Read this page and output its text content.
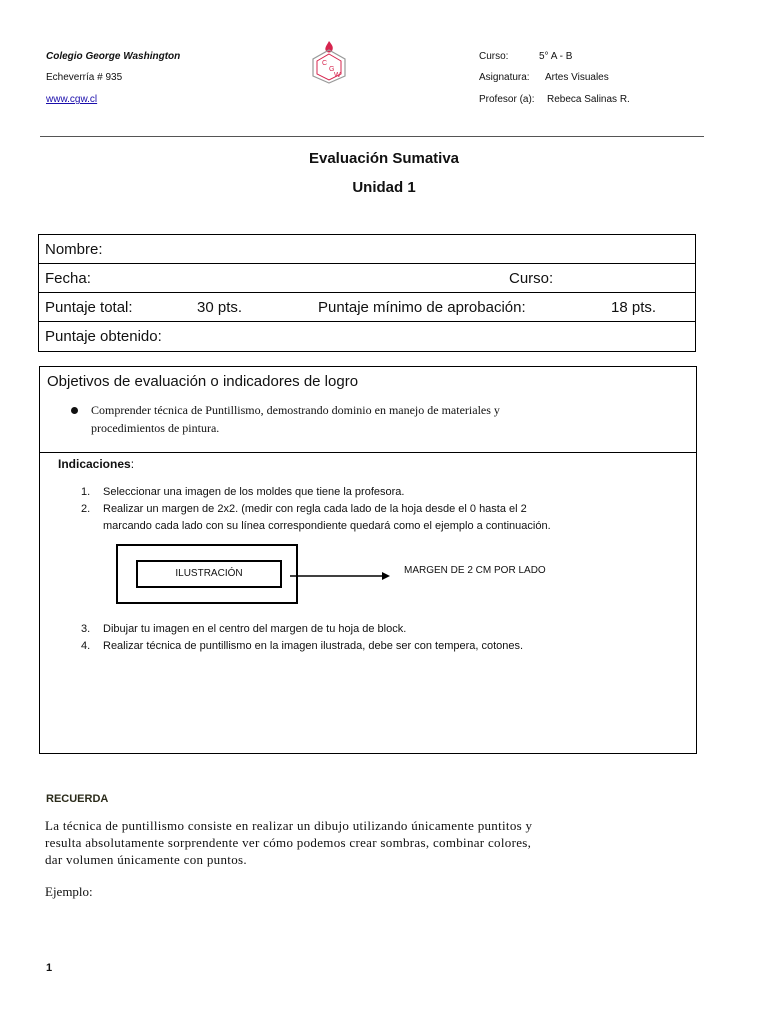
Colegio George Washington
Echeverría # 935
www.cgw.cl
C
G
W
Curso:	5° A - B
Asignatura: Artes Visuales
Profesor (a): Rebeca Salinas R.
Evaluación Sumativa
Unidad 1
Nombre:
Fecha:	Curso:
Puntaje total:	30 pts.	Puntaje mínimo de aprobación:	18 pts.
Puntaje obtenido:
Objetivos de evaluación o indicadores de logro
Comprender técnica de Puntillismo, demostrando dominio en manejo de materiales y
procedimientos de pintura.
Indicaciones:
1. Seleccionar una imagen de los moldes que tiene la profesora.
2. Realizar un margen de 2x2. (medir con regla cada lado de la hoja desde el 0 hasta el 2
marcando cada lado con su línea correspondiente quedará como el ejemplo a continuación.
ILUSTRACIÓN	MARGEN DE 2 CM POR LADO
3. Dibujar tu imagen en el centro del margen de tu hoja de block.
4. Realizar técnica de puntillismo en la imagen ilustrada, debe ser con tempera, cotones.
RECUERDA
La técnica de puntillismo consiste en realizar un dibujo utilizando únicamente puntitos y
resulta absolutamente sorprendente ver cómo podemos crear sombras, combinar colores,
dar volumen únicamente con puntos.
Ejemplo:
1
